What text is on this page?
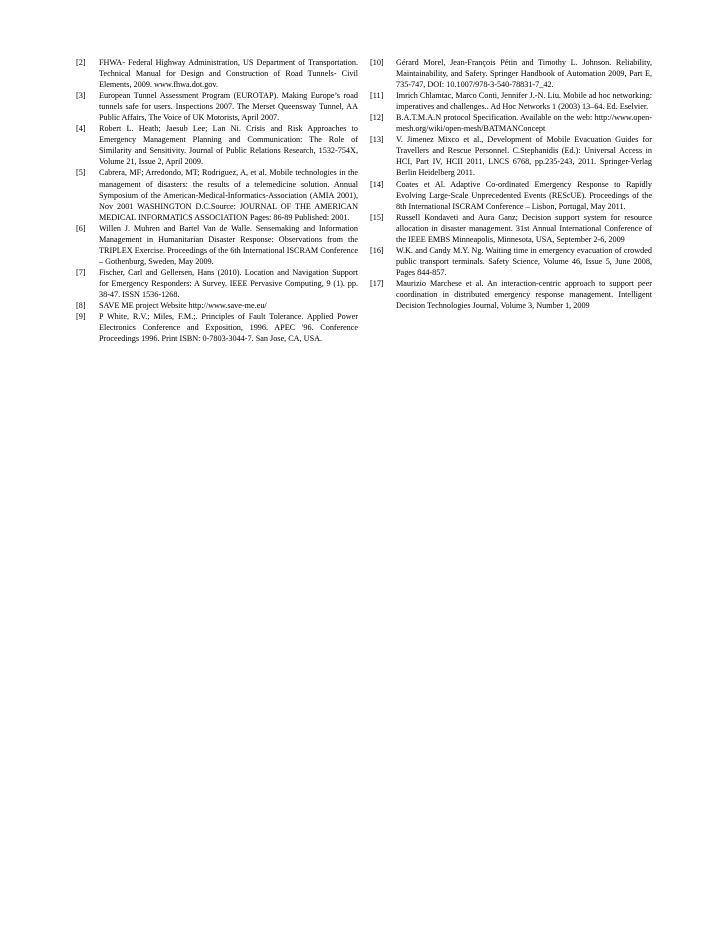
[2] FHWA- Federal Highway Administration, US Department of Transportation. Technical Manual for Design and Construction of Road Tunnels- Civil Elements, 2009. www.fhwa.dot.gov.
[3] European Tunnel Assessment Program (EUROTAP). Making Europe’s road tunnels safe for users. Inspections 2007. The Merset Queensway Tunnel, AA Public Affairs, The Voice of UK Motorists, April 2007.
[4] Robert L. Heath; Jaesub Lee; Lan Ni. Crisis and Risk Approaches to Emergency Management Planning and Communication: The Role of Similarity and Sensitivity. Journal of Public Relations Research, 1532-754X, Volume 21, Issue 2, April 2009.
[5] Cabrera, MF; Arredondo, MT; Rodriguez, A, et al. Mobile technologies in the management of disasters: the results of a telemedicine solution. Annual Symposium of the American-Medical-Informatics-Association (AMIA 2001), Nov 2001 WASHINGTON D.C.Source: JOURNAL OF THE AMERICAN MEDICAL INFORMATICS ASSOCIATION Pages: 86-89 Published: 2001.
[6] Willen J. Muhren and Bartel Van de Walle. Sensemaking and Information Management in Humanitarian Disaster Response: Observations from the TRIPLEX Exercise. Proceedings of the 6th International ISCRAM Conference – Gothenburg, Sweden, May 2009.
[7] Fischer, Carl and Gellersen, Hans (2010). Location and Navigation Support for Emergency Responders: A Survey. IEEE Pervasive Computing, 9 (1). pp. 38-47. ISSN 1536-1268.
[8] SAVE ME project Website http://www.save-me.eu/
[9] P White, R.V.; Miles, F.M.;. Principles of Fault Tolerance. Applied Power Electronics Conference and Exposition, 1996. APEC '96. Conference Proceedings 1996. Print ISBN: 0-7803-3044-7. San Jose, CA, USA.
[10] Gérard Morel, Jean-François Pétin and Timothy L. Johnson. Reliability, Maintainability, and Safety. Springer Handbook of Automation 2009, Part E, 735-747, DOI: 10.1007/978-3-540-78831-7_42.
[11] Imrich Chlamtac, Marco Conti, Jennifer J.-N. Liu. Mobile ad hoc networking: imperatives and challenges.. Ad Hoc Networks 1 (2003) 13–64. Ed. Eselvier.
[12] B.A.T.M.A.N protocol Specification. Available on the web: http://www.open-mesh.org/wiki/open-mesh/BATMANConcept
[13] V. Jimenez Mixco et al., Development of Mobile Evacuation Guides for Travellers and Rescue Personnel. C.Stephanidis (Ed.): Universal Access in HCI, Part IV, HCII 2011, LNCS 6768, pp.235-243, 2011. Springer-Verlag Berlin Heidelberg 2011.
[14] Coates et Al. Adaptive Co-ordinated Emergency Response to Rapidly Evolving Large-Scale Unprecedented Events (REScUE). Proceedings of the 8th International ISCRAM Conference – Lisbon, Portugal, May 2011.
[15] Russell Kondaveti and Aura Ganz; Decision support system for resource allocation in disaster management. 31st Annual International Conference of the IEEE EMBS Minneapolis, Minnesota, USA, September 2-6, 2009
[16] W.K. and Candy M.Y. Ng. Waiting time in emergency evacuation of crowded public transport terminals. Safety Science, Volume 46, Issue 5, June 2008, Pages 844-857.
[17] Maurizio Marchese et al. An interaction-centric approach to support peer coordination in distributed emergency response management. Intelligent Decision Technologies Journal, Volume 3, Number 1, 2009
